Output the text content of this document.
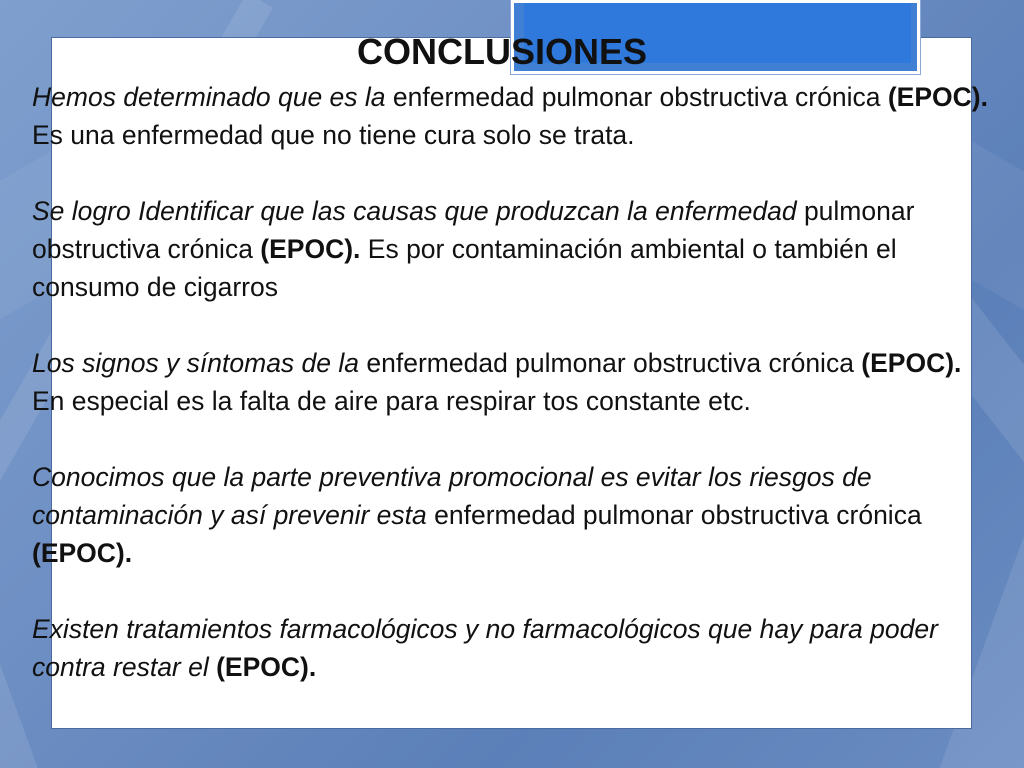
CONCLUSIONES

Hemos determinado que es la enfermedad pulmonar obstructiva crónica (EPOC). Es una enfermedad que no tiene cura solo se trata.

Se logro Identificar que las causas que produzcan la enfermedad pulmonar obstructiva crónica (EPOC). Es por contaminación ambiental o también el consumo de cigarros

Los signos y síntomas de la enfermedad pulmonar obstructiva crónica (EPOC). En especial es la falta de aire para respirar tos constante etc.

Conocimos que la parte preventiva promocional es evitar los riesgos de contaminación y así prevenir esta enfermedad pulmonar obstructiva crónica (EPOC).

Existen tratamientos farmacológicos y no farmacológicos que hay para poder contra restar el (EPOC).
